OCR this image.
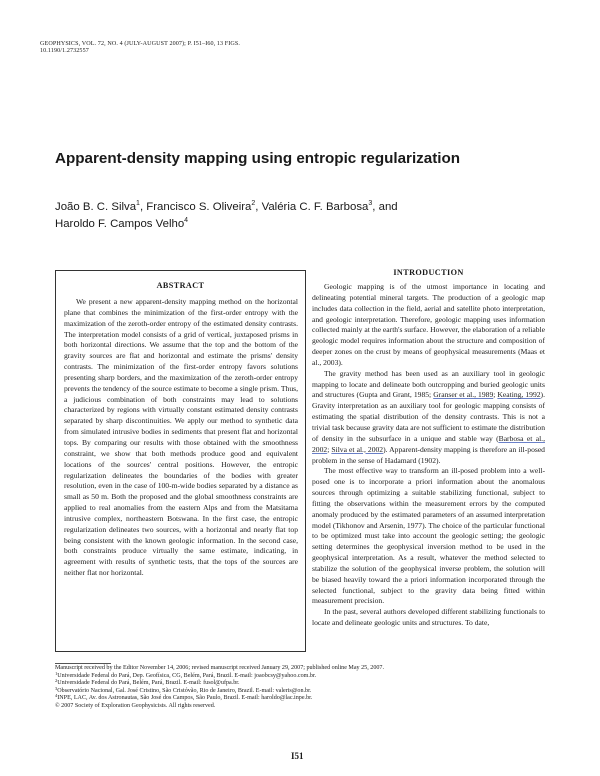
GEOPHYSICS, VOL. 72, NO. 4 (JULY-AUGUST 2007); P. I51–I60, 13 FIGS.
10.1190/1.2732557
Apparent-density mapping using entropic regularization
João B. C. Silva$^1$, Francisco S. Oliveira$^2$, Valéria C. F. Barbosa$^3$, and
Haroldo F. Campos Velho$^4$
ABSTRACT

We present a new apparent-density mapping method on the horizontal plane that combines the minimization of the first-order entropy with the maximization of the zeroth-order entropy of the estimated density contrasts. The interpretation model consists of a grid of vertical, juxtaposed prisms in both horizontal directions. We assume that the top and the bottom of the gravity sources are flat and horizontal and estimate the prisms' density contrasts. The minimization of the first-order entropy favors solutions presenting sharp borders, and the maximization of the zeroth-order entropy prevents the tendency of the source estimate to become a single prism. Thus, a judicious combination of both constraints may lead to solutions characterized by regions with virtually constant estimated density contrasts separated by sharp discontinuities. We apply our method to synthetic data from simulated intrusive bodies in sediments that present flat and horizontal tops. By comparing our results with those obtained with the smoothness constraint, we show that both methods produce good and equivalent locations of the sources' central positions. However, the entropic regularization delineates the boundaries of the bodies with greater resolution, even in the case of 100-m-wide bodies separated by a distance as small as 50 m. Both the proposed and the global smoothness constraints are applied to real anomalies from the eastern Alps and from the Matsitama intrusive complex, northeastern Botswana. In the first case, the entropic regularization delineates two sources, with a horizontal and nearly flat top being consistent with the known geologic information. In the second case, both constraints produce virtually the same estimate, indicating, in agreement with results of synthetic tests, that the tops of the sources are neither flat nor horizontal.

INTRODUCTION

Geologic mapping is of the utmost importance in locating and delineating potential mineral targets. The production of a geologic map includes data collection in the field, aerial and satellite photo interpretation, and geologic interpretation. Therefore, geologic mapping uses information collected mainly at the earth's surface. However, the elaboration of a reliable geologic model requires information about the structure and composition of deeper zones on the crust by means of geophysical measurements (Maas et al., 2003).

The gravity method has been used as an auxiliary tool in geologic mapping to locate and delineate both outcropping and buried geologic units and structures (Gupta and Grant, 1985; Granser et al., 1989; Keating, 1992). Gravity interpretation as an auxiliary tool for geologic mapping consists of estimating the spatial distribution of the density contrasts. This is not a trivial task because gravity data are not sufficient to estimate the distribution of density in the subsurface in a unique and stable way (Barbosa et al., 2002; Silva et al., 2002). Apparent-density mapping is therefore an ill-posed problem in the sense of Hadamard (1902).

The most effective way to transform an ill-posed problem into a well-posed one is to incorporate a priori information about the anomalous sources through optimizing a suitable stabilizing functional, subject to fitting the observations within the measurement errors by the computed anomaly produced by the estimated parameters of an assumed interpretation model (Tikhonov and Arsenin, 1977). The choice of the particular functional to be optimized must take into account the geologic setting; the geologic setting determines the geophysical inversion method to be used in the geophysical interpretation. As a result, whatever the method selected to stabilize the solution of the geophysical inverse problem, the solution will be biased heavily toward the a priori information incorporated through the selected functional, subject to the gravity data being fitted within measurement precision.

In the past, several authors developed different stabilizing functionals to locate and delineate geologic units and structures. To date,

Manuscript received by the Editor November 14, 2006; revised manuscript received January 29, 2007; published online May 25, 2007.
$^1$Universidade Federal do Pará, Dep. Geofísica, CG, Belém, Pará, Brazil. E-mail: joaobcsy@yahoo.com.br.
$^2$Universidade Federal do Pará, Belém, Pará, Brazil. E-mail: fusol@ufpa.br.
$^3$Observatório Nacional, Gal. José Cristino, São Cristóvão, Rio de Janeiro, Brazil. E-mail: valeris@on.br.
$^4$INPE, LAC, Av. dos Astronautas, São José dos Campos, São Paulo, Brazil. E-mail: haroldo@lac.inpe.br.
© 2007 Society of Exploration Geophysicists. All rights reserved.
I51
